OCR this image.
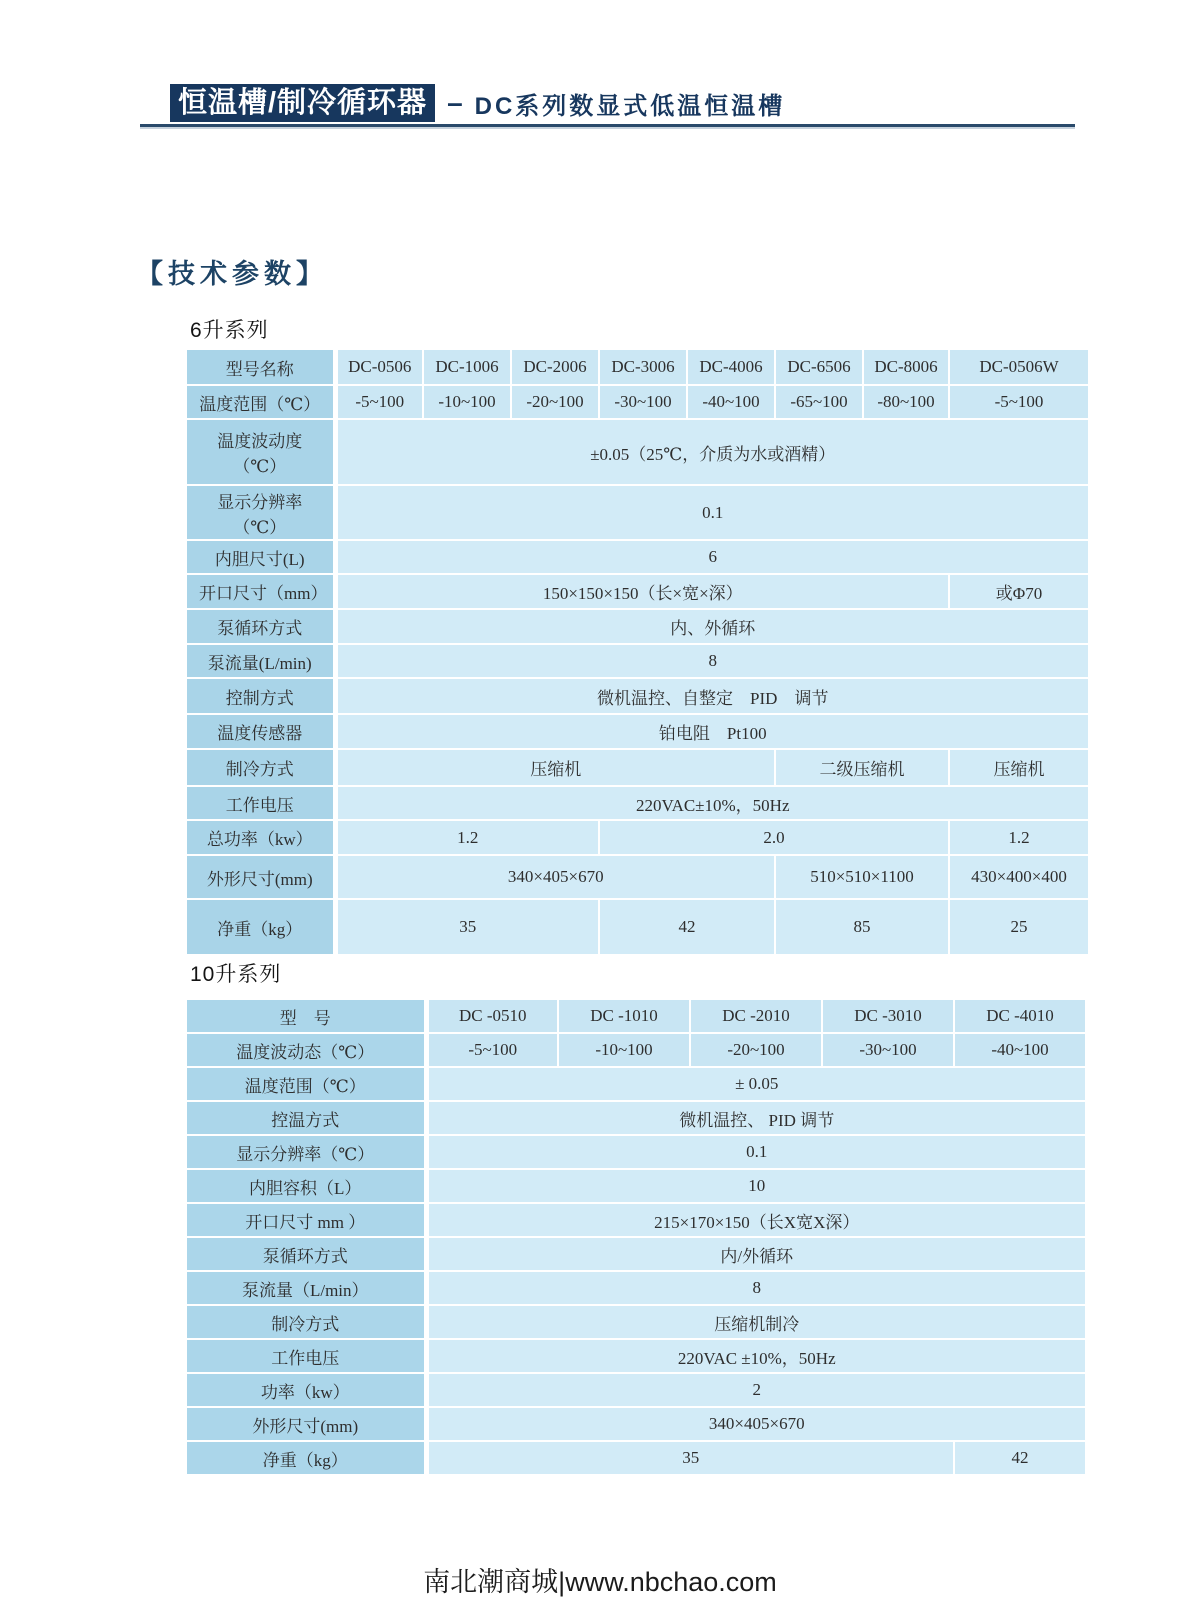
恒温槽/制冷循环器 – DC系列数显式低温恒温槽
【技术参数】
6升系列
型号名称	DC-0506	DC-1006	DC-2006	DC-3006	DC-4006	DC-6506	DC-8006	DC-0506W
温度范围（℃）	-5~100	-10~100	-20~100	-30~100	-40~100	-65~100	-80~100	-5~100
温度波动度（℃）	±0.05（25℃，介质为水或酒精）							
显示分辨率（℃）	0.1							
内胆尺寸(L)	6							
开口尺寸（mm）	150×150×150（长×宽×深）							或Φ70
泵循环方式	内、外循环							
泵流量(L/min)	8							
控制方式	微机温控、自整定　PID　调节							
温度传感器	铂电阻　Pt100							
制冷方式	压缩机					二级压缩机		压缩机
工作电压	220VAC±10%，50Hz							
总功率（kw）	1.2			2.0				1.2
外形尺寸(mm)	340×405×670					510×510×1100		430×400×400
净重（kg）	35			42		85		25
10升系列
型　号	DC -0510	DC -1010	DC -2010	DC -3010	DC -4010
温度波动态（℃）	-5~100	-10~100	-20~100	-30~100	-40~100
温度范围（℃）	± 0.05				
控温方式	微机温控、 PID 调节				
显示分辨率（℃）	0.1				
内胆容积（L）	10				
开口尺寸 mm ）	215×170×150（长X宽X深）				
泵循环方式	内/外循环				
泵流量（L/min）	8				
制冷方式	压缩机制冷				
工作电压	220VAC ±10%，50Hz				
功率（kw）	2				
外形尺寸(mm)	340×405×670				
净重（kg）	35				42
南北潮商城|www.nbchao.com
